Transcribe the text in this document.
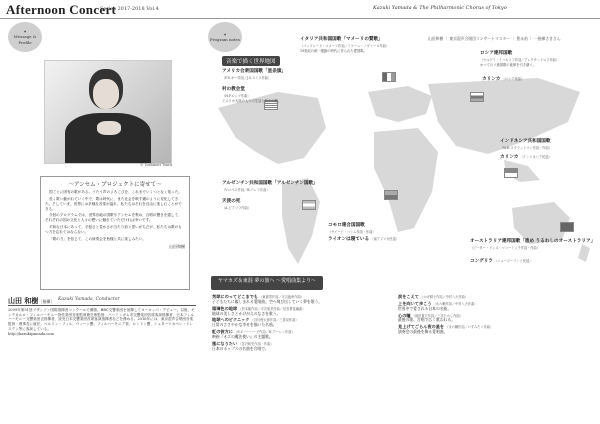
Afternoon Concert
Series 2017-2018 Vol.4	Kazuki Yamada & The Philharmonic Chorus of Tokyo
山田和樹 ｜ 東京混声合唱団コンサートマスター ｜ 豊永裕 ｜ 一指揮さきさん
✦
Message & Profile
✦
Program notes
© Yoshinori Tsuru
〜アンセム・プロジェクトに寄せて〜

国ごとに固有の歌がある。うたう声のよろこびを、これまでいくつとなく知った。

長く歌い継がれていく中で、歌は時代に、また社会を映す鏡のように変化してきた。そしていま、世界には多様な音楽が溢れ、私たちはそれを自由に楽しむことができる。

今回のプログラムでは、世界各地の国歌やアンセムを集め、合唱の響きを通して、それぞれの国の文化と人々の想いに触れていただければ幸いです。

平和な日本にあって、平穏さと豊かさが当たり前と思いがちだが、私たちは歌のもつ力を忘れてはならない。

「歌の力」を信じて、この演奏会を皆様と共に楽しみたい。

山田和樹
山田 和樹［指揮］ Kazuki Yamada, Conductor
2009年第51回ブザンソン国際指揮者コンクールで優勝。BBC交響楽団を指揮してヨーロッパ・デビュー。以後、モンテカルロ・フィルハーモニー管弦楽団音楽監督兼芸術監督、バーミンガム市交響楽団首席客演指揮者、日本フィルハーモニー交響楽団正指揮者、読売日本交響楽団首席客演指揮者などを務める。2016年には、東京混声合唱団音楽監督・理事長に就任。ベルリン・フィル、ウィーン響、フィルハーモニア管、ロンドン響、シュターツカペレ・ドレスデン等に客演している。
http://kazukiyamada.com
音楽で描く世界地図
イタリア共和国国歌「マメーリの賛歌」
（ゴッフレード・マメーリ作詞／ミケーレ・ノヴァーロ作曲）
19世紀の統一運動の時代に作られた愛国歌。	ロシア連邦国歌
（セルゲイ・ミハルコフ作詞／アレクサンドロフ作曲）
かつてのソ連国歌の旋律を引き継ぐ。
アメリカ合衆国国歌「星条旗」
（F.S.キー作詞／J.S.スミス作曲）
村の教会堂
（H.Fルッツ作曲）
アメリカ大陸の人々の生活と祈りの歌。
カリンカ （ロシア民謡）
インドネシア共和国国歌
（W.R.スプラットマン作詞・作曲）
カリンカ （インドネシア民謡）
アルゼンチン共和国国歌「アルゼンチン国歌」
（V.ロペス作詞／B.パレラ作曲）
天使の死
（A.ピアソラ作曲）
コモロ連合国国歌
（サイード・ハシム作詞・作曲）
ライオンは寝ている （南アフリカ民謡）	オーストラリア連邦国歌「進め うるわしのオーストラリア」
（ピーター・ドッズ・マコーミック作詞・作曲）
コングリラ （ニュージーランド民謡）
ヤマカズ＆東混 夢の旅へ 〜愛唱曲集より〜

気球にのってどこまでも （東龍男作詞／平吉毅州作曲）
子どもたちに親しまれる愛唱曲。空へ飛び出していく夢を歌う。

瑠璃色の地球 （松本隆作詞／平井夏美作曲／信長貴富編曲）
地球の美しさとかけがえのなさを歌う。

地球へのピクニック （谷川俊太郎作詞／三善晃作曲）
日常のささやかな幸せを描いた名曲。

虹の彼方に （E.Y.ハーバーグ作詞／H.アーレン作曲）
映画『オズの魔法使い』の主題歌。

風になりたい （宮沢和史作詞・作曲）
日本のポップスの名曲を合唱で。

涙をこえて （かぜ耕士作詞／中村八大作曲）

上を向いて歩こう （永六輔作詞／中村八大作曲）
世界中で愛される日本の名曲。

心の瞳 （坂田寛夫作詞／三木たかし作曲）
最後の歌。合唱で広く歌われる。

見上げてごらん夜の星を （永六輔作詞／いずみたく作曲）
演奏会の最後を飾る愛唱曲。
